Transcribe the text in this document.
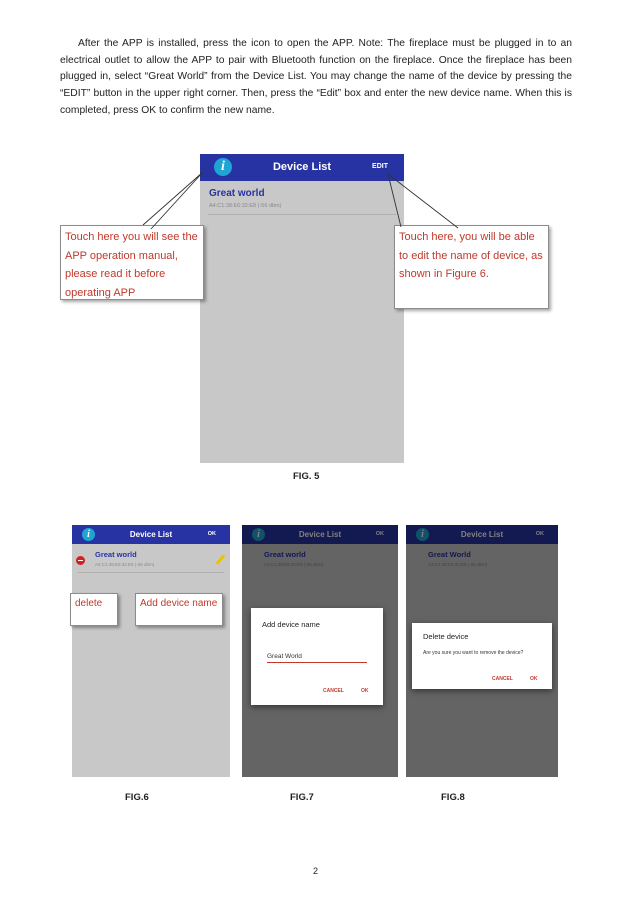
After the APP is installed, press the icon to open the APP. Note: The fireplace must be plugged in to an electrical outlet to allow the APP to pair with Bluetooth function on the fireplace. Once the fireplace has been plugged in, select “Great World” from the Device List. You may change the name of the device by pressing the “EDIT” button in the upper right corner. Then, press the “Edit” box and enter the new device name. When this is completed, press OK to confirm the new name.

i	Device List	EDIT
Great world
A4:C1:38:E6:32:E8 (-56 dbm)
Touch here you will see the APP operation manual, please read it before operating APP
Touch here, you will be able to edit the name of device, as shown in Figure 6.
FIG. 5
i	Device List	OK
Great world
A4:C1:38:E6:32:E8 (-56 dbm)
delete	Add device name
FIG.6
Add device name
Great World
CANCEL	OK
FIG.7
Delete device
Are you sure you want to remove the device?
CANCEL	OK
FIG.8
2
